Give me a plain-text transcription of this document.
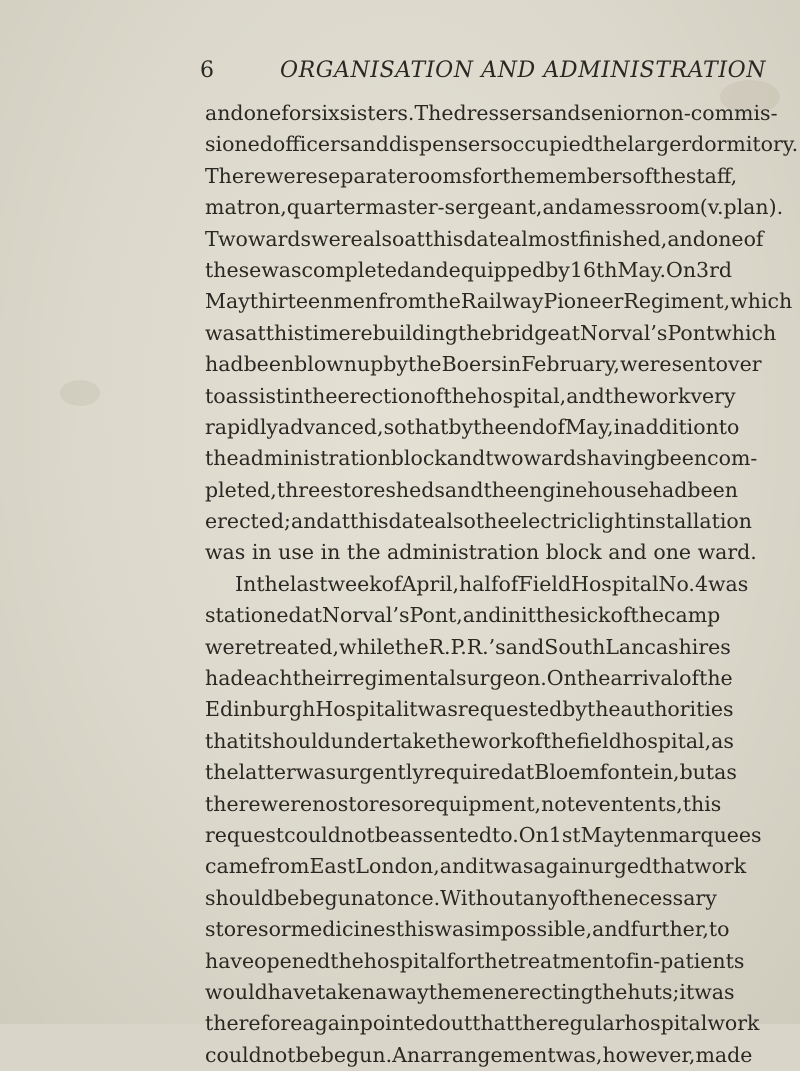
6	ORGANISATION AND ADMINISTRATION
and one for six sisters. The dressers and senior non-commis-
sioned officers and dispensers occupied the larger dormitory.
There were separate rooms for the members of the staff,
matron, quartermaster-sergeant, and a messroom (v. plan).
Two wards were also at this date almost finished, and one of
these was completed and equipped by 16th May. On 3rd
May thirteen men from the Railway Pioneer Regiment, which
was at this time rebuilding the bridge at Norval’s Pont which
had been blown up by the Boers in February, were sent over
to assist in the erection of the hospital, and the work very
rapidly advanced, so that by the end of May, in addition to
the administration block and two wards having been com-
pleted, three store sheds and the engine house had been
erected ; and at this date also the electric light installation
was in use in the administration block and one ward.
In the last week of April, half of Field Hospital No. 4 was
stationed at Norval’s Pont, and in it the sick of the camp
were treated, while the R.P.R.’s and South Lancashires
had each their regimental surgeon. On the arrival of the
Edinburgh Hospital it was requested by the authorities
that it should undertake the work of the field hospital, as
the latter was urgently required at Bloemfontein, but as
there were no stores or equipment, not even tents, this
request could not be assented to. On 1st May ten marquees
came from East London, and it was again urged that work
should be begun at once. Without any of the necessary
stores or medicines this was impossible, and further, to
have opened the hospital for the treatment of in-patients
would have taken away the men erecting the huts; it was
therefore again pointed out that the regular hospital work
could not be begun. An arrangement was, however, made
